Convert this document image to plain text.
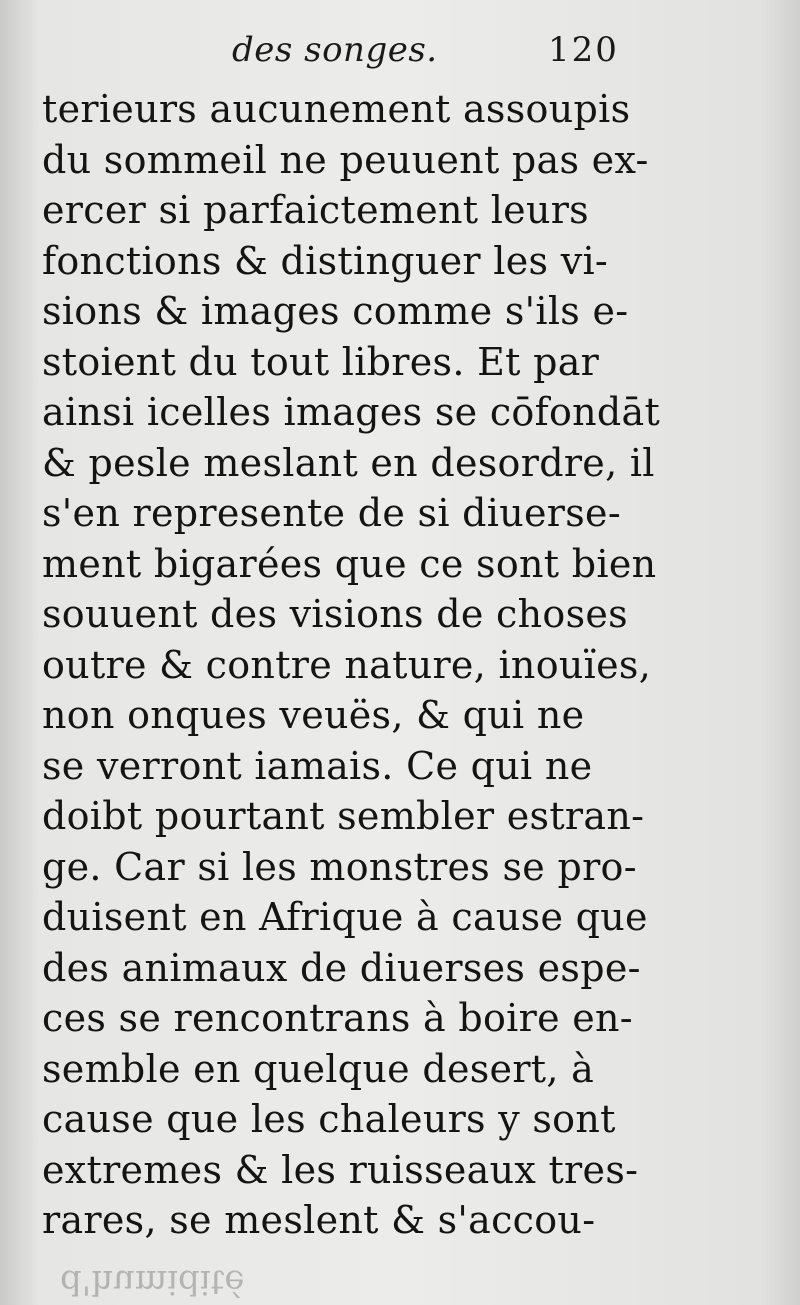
des songes.	120
terieurs aucunement assoupis
du sommeil ne peuuent pas ex-
ercer si parfaictement leurs
fonctions & distinguer les vi-
sions & images comme s'ils e-
stoient du tout libres. Et par
ainsi icelles images se cōfondāt
& pesle meslant en desordre, il
s'en represente de si diuerse-
ment bigarées que ce sont bien
souuent des visions de choses
outre & contre nature, inouïes,
non onques veuës, & qui ne
se verront iamais. Ce qui ne
doibt pourtant sembler estran-
ge. Car si les monstres se pro-
duisent en Afrique à cause que
des animaux de diuerses espe-
ces se rencontrans à boire en-
semble en quelque desert, à
cause que les chaleurs y sont
extremes & les ruisseaux tres-
rares, se meslent & s'accou-
d'humidité
